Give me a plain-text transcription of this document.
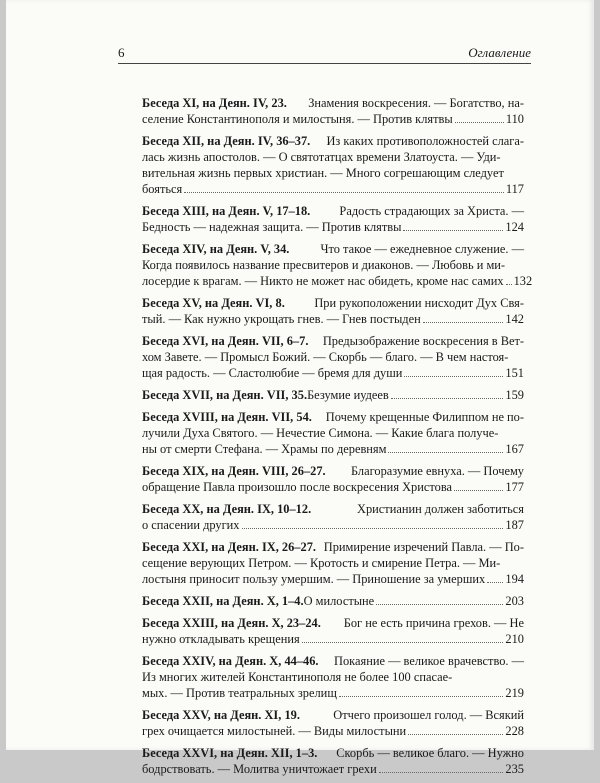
6	Оглавление
Беседа XI, на Деян. IV, 23. Знамения воскресения. — Богатство, на-
селение Константинополя и милостыня. — Против клятвы	110
Беседа XII, на Деян. IV, 36–37. Из каких противоположностей слага-
лась жизнь апостолов. — О святотатцах времени Златоуста. — Уди-
вительная жизнь первых христиан. — Много согрешающим следует
бояться	117
Беседа XIII, на Деян. V, 17–18. Радость страдающих за Христа. —
Бедность — надежная защита. — Против клятвы	124
Беседа XIV, на Деян. V, 34.	Что такое — ежедневное служение. —
Когда появилось название пресвитеров и диаконов. — Любовь и ми-
лосердие к врагам. — Никто не может нас обидеть, кроме нас самих 132
Беседа XV, на Деян. VI, 8. При рукоположении нисходит Дух Свя-
тый. — Как нужно укрощать гнев. — Гнев постыден	142
Беседа XVI, на Деян. VII, 6–7. Предызображение воскресения в Вет-
хом Завете. — Промысл Божий. — Скорбь — благо. — В чем настоя-
щая радость. — Сластолюбие — бремя для души	151
Беседа XVII, на Деян. VII, 35. Безумие иудеев	159
Беседа XVIII, на Деян. VII, 54. Почему крещенные Филиппом не по-
лучили Духа Святого. — Нечестие Симона. — Какие блага получе-
ны от смерти Стефана. — Храмы по деревням	167
Беседа XIX, на Деян. VIII, 26–27. Благоразумие евнуха. — Почему
обращение Павла произошло после воскресения Христова	177
Беседа XX, на Деян. IX, 10–12.	Христианин должен заботиться
о спасении других	187
Беседа XXI, на Деян. IX, 26–27. Примирение изречений Павла. — По-
сещение верующих Петром. — Кротость и смирение Петра. — Ми-
лостыня приносит пользу умершим. — Приношение за умерших 194
Беседа XXII, на Деян. X, 1–4. О милостыне	203
Беседа XXIII, на Деян. X, 23–24. Бог не есть причина грехов. — Не
нужно откладывать крещения	210
Беседа XXIV, на Деян. X, 44–46. Покаяние — великое врачевство. —
Из многих жителей Константинополя не более 100 спасае-
мых. — Против театральных зрелищ	219
Беседа XXV, на Деян. XI, 19.	Отчего произошел голод. — Всякий
грех очищается милостыней. — Виды милостыни	228
Беседа XXVI, на Деян. XII, 1–3. Скорбь — великое благо. — Нужно
бодрствовать. — Молитва уничтожает грехи	235
